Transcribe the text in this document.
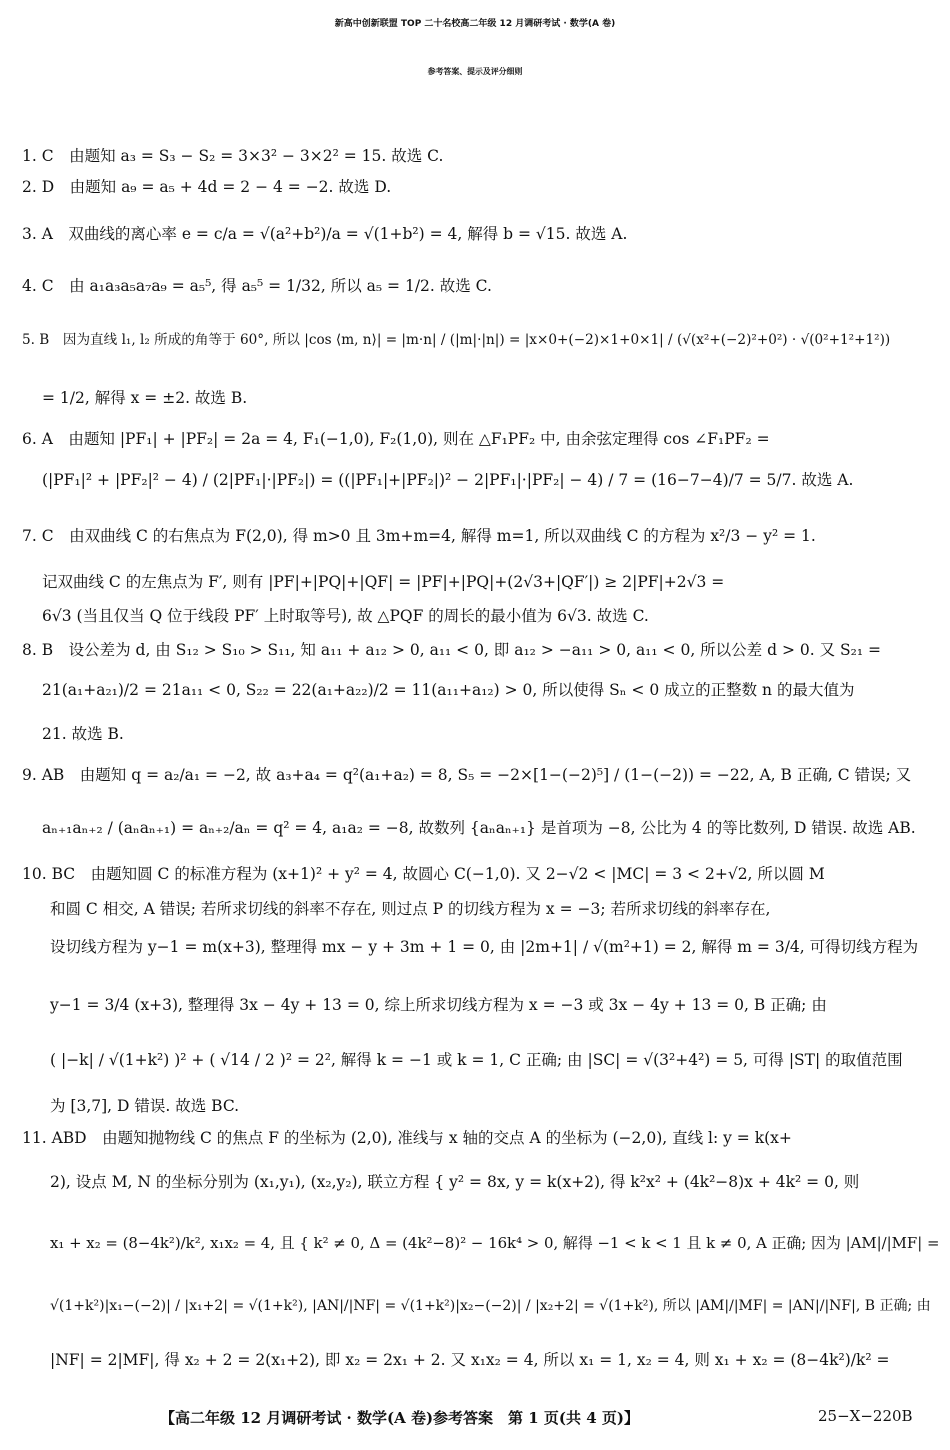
新高中创新联盟 TOP 二十名校高二年级 12 月调研考试 · 数学(A 卷)
参考答案、提示及评分细则
1. C　由题知 a₃ = S₃ − S₂ = 3×3² − 3×2² = 15. 故选 C.
2. D　由题知 a₉ = a₅ + 4d = 2 − 4 = −2. 故选 D.
3. A　双曲线的离心率 e = c/a = √(a²+b²)/a = √(1+b²) = 4, 解得 b = √15. 故选 A.
4. C　由 a₁a₃a₅a₇a₉ = a₅⁵, 得 a₅⁵ = 1/32, 所以 a₅ = 1/2. 故选 C.
5. B　因为直线 l₁, l₂ 所成的角等于 60°, 所以 |cos ⟨m, n⟩| = |m·n| / (|m|·|n|) = |x×0+(−2)×1+0×1| / (√(x²+(−2)²+0²) · √(0²+1²+1²))
= 1/2, 解得 x = ±2. 故选 B.
6. A　由题知 |PF₁| + |PF₂| = 2a = 4, F₁(−1,0), F₂(1,0), 则在 △F₁PF₂ 中, 由余弦定理得 cos ∠F₁PF₂ =
(|PF₁|² + |PF₂|² − 4) / (2|PF₁|·|PF₂|) = ((|PF₁|+|PF₂|)² − 2|PF₁|·|PF₂| − 4) / 7 = (16−7−4)/7 = 5/7. 故选 A.
7. C　由双曲线 C 的右焦点为 F(2,0), 得 m>0 且 3m+m=4, 解得 m=1, 所以双曲线 C 的方程为 x²/3 − y² = 1.
记双曲线 C 的左焦点为 F′, 则有 |PF|+|PQ|+|QF| = |PF|+|PQ|+(2√3+|QF′|) ≥ 2|PF|+2√3 =
6√3 (当且仅当 Q 位于线段 PF′ 上时取等号), 故 △PQF 的周长的最小值为 6√3. 故选 C.
8. B　设公差为 d, 由 S₁₂ > S₁₀ > S₁₁, 知 a₁₁ + a₁₂ > 0, a₁₁ < 0, 即 a₁₂ > −a₁₁ > 0, a₁₁ < 0, 所以公差 d > 0. 又 S₂₁ =
21(a₁+a₂₁)/2 = 21a₁₁ < 0, S₂₂ = 22(a₁+a₂₂)/2 = 11(a₁₁+a₁₂) > 0, 所以使得 Sₙ < 0 成立的正整数 n 的最大值为
21. 故选 B.
9. AB　由题知 q = a₂/a₁ = −2, 故 a₃+a₄ = q²(a₁+a₂) = 8, S₅ = −2×[1−(−2)⁵] / (1−(−2)) = −22, A, B 正确, C 错误; 又
aₙ₊₁aₙ₊₂ / (aₙaₙ₊₁) = aₙ₊₂/aₙ = q² = 4, a₁a₂ = −8, 故数列 {aₙaₙ₊₁} 是首项为 −8, 公比为 4 的等比数列, D 错误. 故选 AB.
10. BC　由题知圆 C 的标准方程为 (x+1)² + y² = 4, 故圆心 C(−1,0). 又 2−√2 < |MC| = 3 < 2+√2, 所以圆 M
和圆 C 相交, A 错误; 若所求切线的斜率不存在, 则过点 P 的切线方程为 x = −3; 若所求切线的斜率存在,
设切线方程为 y−1 = m(x+3), 整理得 mx − y + 3m + 1 = 0, 由 |2m+1| / √(m²+1) = 2, 解得 m = 3/4, 可得切线方程为
y−1 = 3/4 (x+3), 整理得 3x − 4y + 13 = 0, 综上所求切线方程为 x = −3 或 3x − 4y + 13 = 0, B 正确; 由
( |−k| / √(1+k²) )² + ( √14 / 2 )² = 2², 解得 k = −1 或 k = 1, C 正确; 由 |SC| = √(3²+4²) = 5, 可得 |ST| 的取值范围
为 [3,7], D 错误. 故选 BC.
11. ABD　由题知抛物线 C 的焦点 F 的坐标为 (2,0), 准线与 x 轴的交点 A 的坐标为 (−2,0), 直线 l: y = k(x+
2), 设点 M, N 的坐标分别为 (x₁,y₁), (x₂,y₂), 联立方程 { y² = 8x, y = k(x+2), 得 k²x² + (4k²−8)x + 4k² = 0, 则
x₁ + x₂ = (8−4k²)/k², x₁x₂ = 4, 且 { k² ≠ 0, Δ = (4k²−8)² − 16k⁴ > 0, 解得 −1 < k < 1 且 k ≠ 0, A 正确; 因为 |AM|/|MF| =
√(1+k²)|x₁−(−2)| / |x₁+2| = √(1+k²), |AN|/|NF| = √(1+k²)|x₂−(−2)| / |x₂+2| = √(1+k²), 所以 |AM|/|MF| = |AN|/|NF|, B 正确; 由
|NF| = 2|MF|, 得 x₂ + 2 = 2(x₁+2), 即 x₂ = 2x₁ + 2. 又 x₁x₂ = 4, 所以 x₁ = 1, x₂ = 4, 则 x₁ + x₂ = (8−4k²)/k² =
【高二年级 12 月调研考试 · 数学(A 卷)参考答案　第 1 页(共 4 页)】	25−X−220B
